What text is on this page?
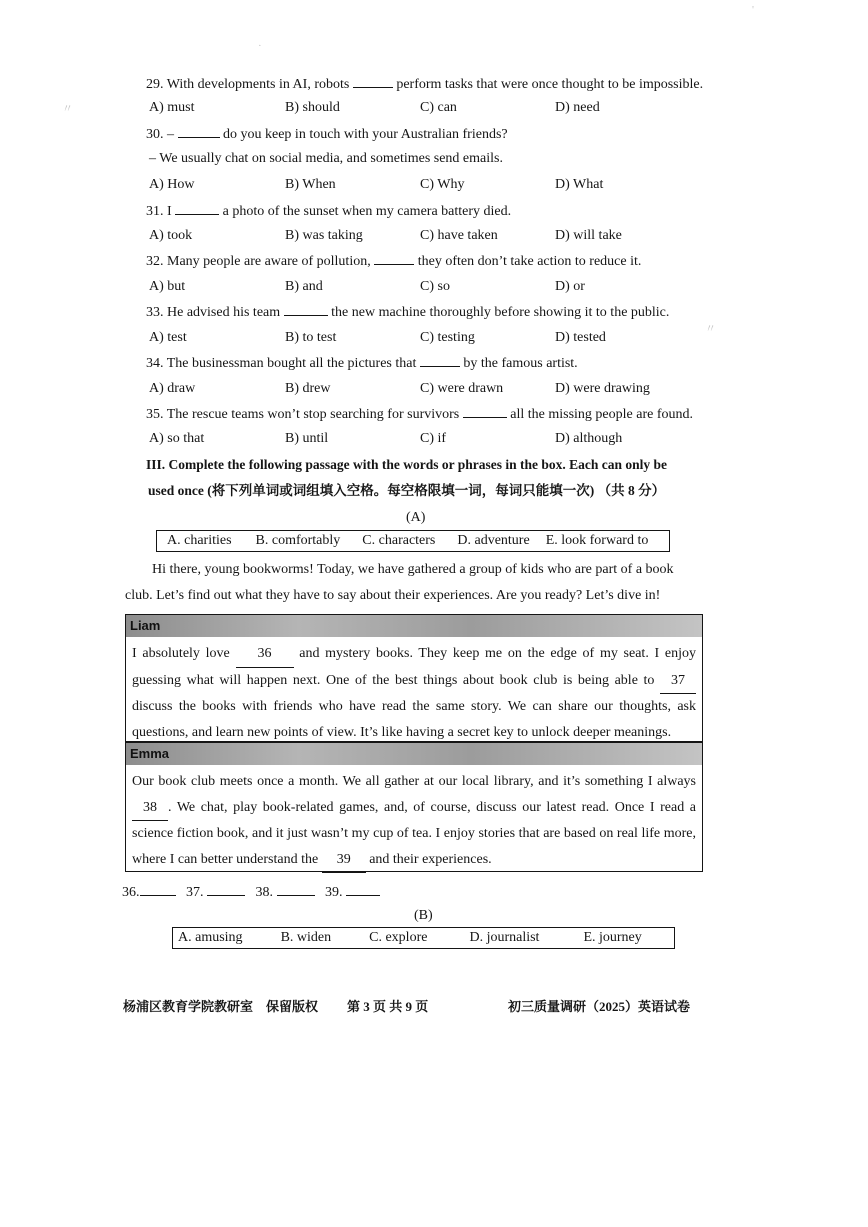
'
·
〃
〃
29. With developments in AI, robots	perform tasks that were once thought to be impossible.
A) must	B) should	C) can	D) need
30. –	do you keep in touch with your Australian friends?
– We usually chat on social media, and sometimes send emails.
A) How	B) When	C) Why	D) What
31. I	a photo of the sunset when my camera battery died.
A) took	B) was taking	C) have taken	D) will take
32. Many people are aware of pollution,	they often don’t take action to reduce it.
A) but	B) and	C) so	D) or
33. He advised his team	the new machine thoroughly before showing it to the public.
A) test	B) to test	C) testing	D) tested
34. The businessman bought all the pictures that	by the famous artist.
A) draw	B) drew	C) were drawn	D) were drawing
35. The rescue teams won’t stop searching for survivors	all the missing people are found.
A) so that	B) until	C) if	D) although
III. Complete the following passage with the words or phrases in the box. Each can only be
used once (将下列单词或词组填入空格。每空格限填一词，每词只能填一次) （共 8 分）
(A)
A. charities B. comfortably C. characters D. adventure E. look forward to
Hi there, young bookworms! Today, we have gathered a group of kids who are part of a book
club. Let’s find out what they have to say about their experiences. Are you ready? Let’s dive in!
Liam
I absolutely love 36 and mystery books. They keep me on the edge of my seat. I enjoy guessing what will happen next. One of the best things about book club is being able to 37 discuss the books with friends who have read the same story. We can share our thoughts, ask questions, and learn new points of view. It’s like having a secret key to unlock deeper meanings.
Emma
Our book club meets once a month. We all gather at our local library, and it’s something I always 38 . We chat, play book-related games, and, of course, discuss our latest read. Once I read a science fiction book, and it just wasn’t my cup of tea. I enjoy stories that are based on real life more, where I can better understand the 39 and their experiences.
36.	37.	38.	39.
(B)
A. amusing	B. widen	C. explore	D. journalist	E. journey
杨浦区教育学院教研室　保留版权 第 3 页 共 9 页	初三质量调研（2025）英语试卷
